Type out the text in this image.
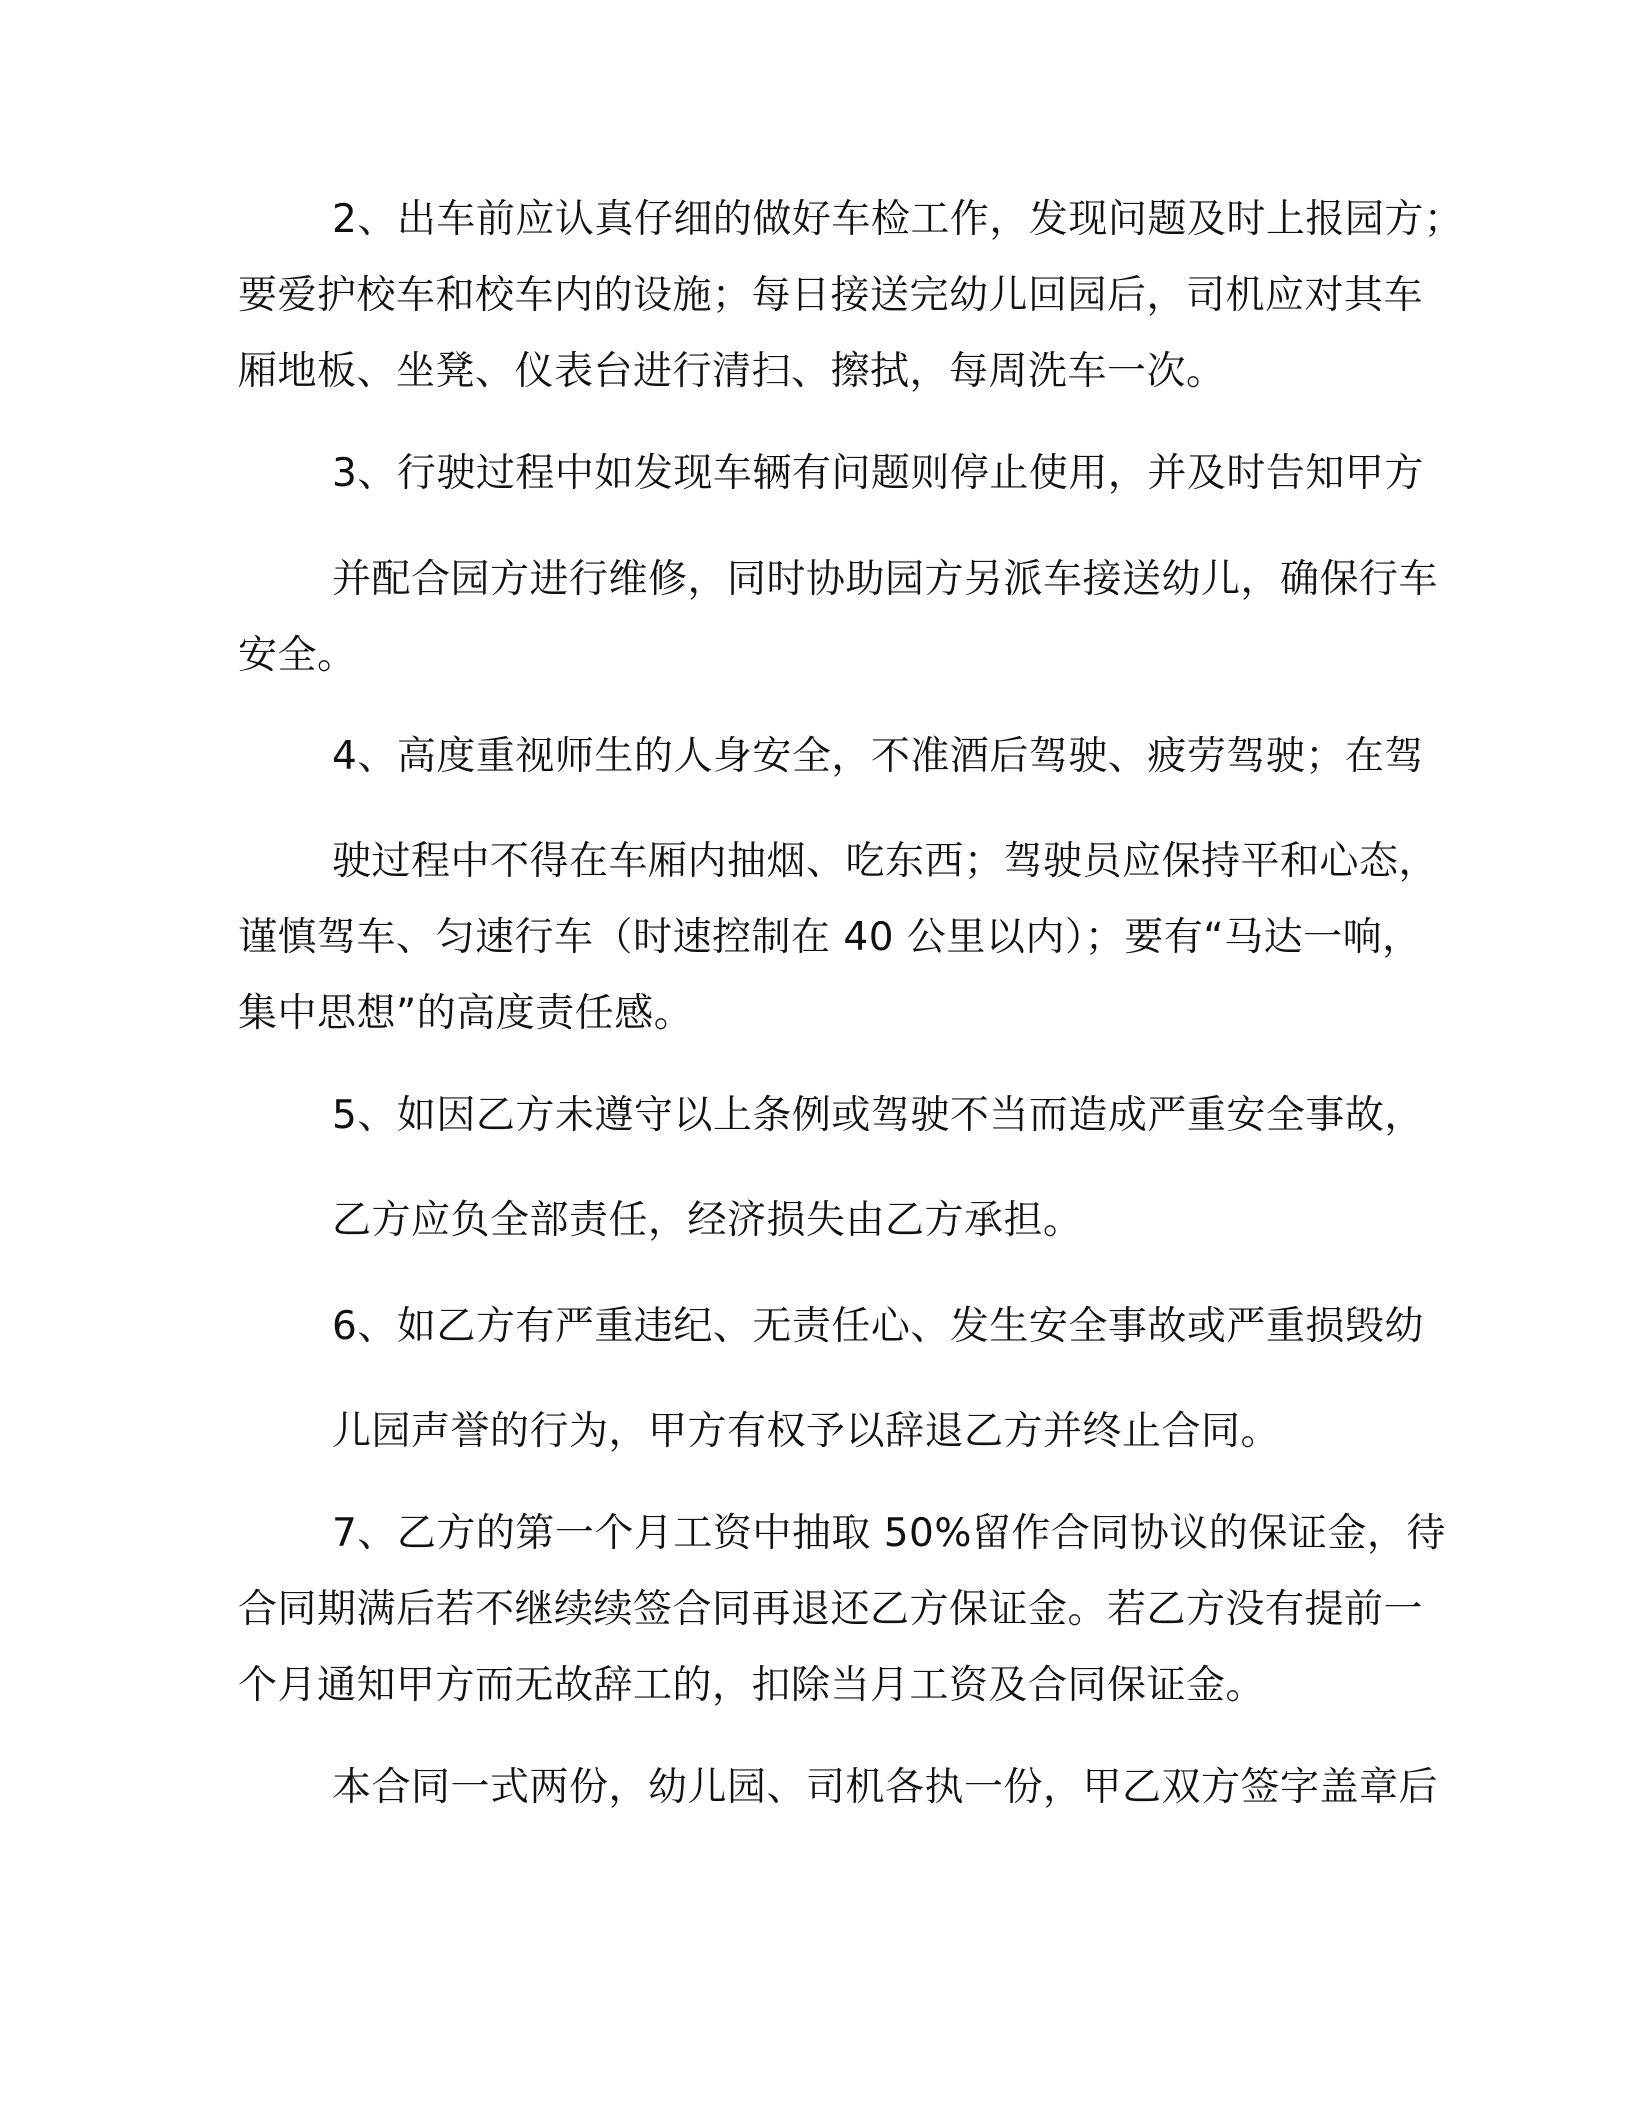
2、出车前应认真仔细的做好车检工作，发现问题及时上报园方；

要爱护校车和校车内的设施；每日接送完幼儿回园后，司机应对其车

厢地板、坐凳、仪表台进行清扫、擦拭，每周洗车一次。

3、行驶过程中如发现车辆有问题则停止使用，并及时告知甲方

并配合园方进行维修，同时协助园方另派车接送幼儿，确保行车

安全。

4、高度重视师生的人身安全，不准酒后驾驶、疲劳驾驶；在驾

驶过程中不得在车厢内抽烟、吃东西；驾驶员应保持平和心态，

谨慎驾车、匀速行车（时速控制在 40 公里以内）；要有“马达一响，

集中思想”的高度责任感。

5、如因乙方未遵守以上条例或驾驶不当而造成严重安全事故，

乙方应负全部责任，经济损失由乙方承担。

6、如乙方有严重违纪、无责任心、发生安全事故或严重损毁幼

儿园声誉的行为，甲方有权予以辞退乙方并终止合同。

7、乙方的第一个月工资中抽取 50%留作合同协议的保证金，待

合同期满后若不继续续签合同再退还乙方保证金。若乙方没有提前一

个月通知甲方而无故辞工的，扣除当月工资及合同保证金。

本合同一式两份，幼儿园、司机各执一份，甲乙双方签字盖章后
